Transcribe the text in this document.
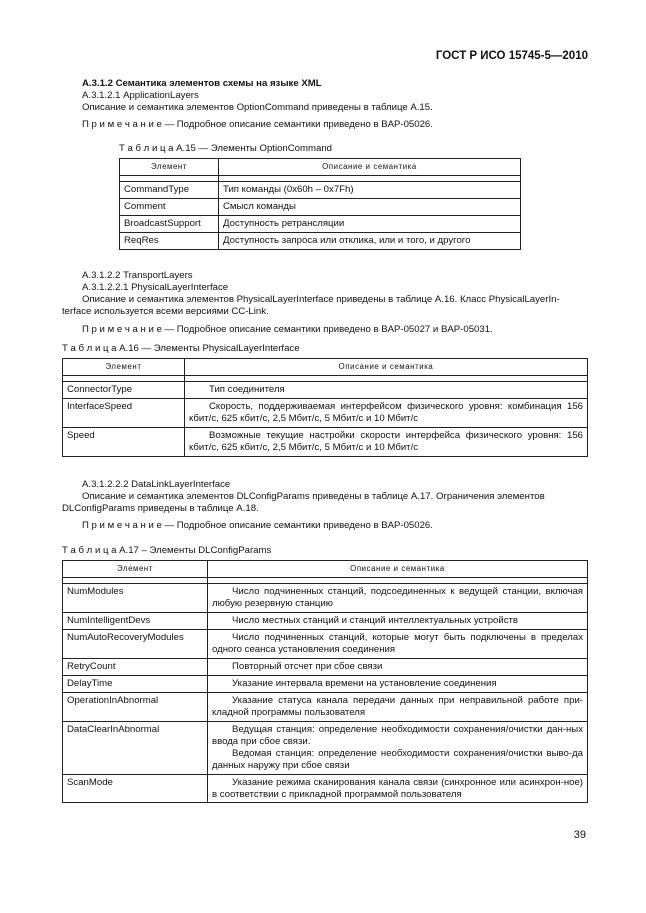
ГОСТ Р ИСО 15745-5—2010

А.3.1.2 Семантика элементов схемы на языке XML

А.3.1.2.1 ApplicationLayers

Описание и семантика элементов OptionCommand приведены в таблице А.15.

П р и м е ч а н и е — Подробное описание семантики приведено в BAP-05026.

Т а б л и ц а А.15 — Элементы OptionCommand

Элемент	Описание и семантика

CommandType	Тип команды (0x60h – 0x7Fh)
Comment	Смысл команды
BroadcastSupport	Доступность ретрансляции
ReqRes	Доступность запроса или отклика, или и того, и другого

А.3.1.2.2 TransportLayers

А.3.1.2.2.1 PhysicalLayerInterface

Описание и семантика элементов PhysicalLayerInterface приведены в таблице А.16. Класс PhysicalLayerIn-

terface используется всеми версиями CC-Link.

П р и м е ч а н и е — Подробное описание семантики приведено в BAP-05027 и BAP-05031.

Т а б л и ц а А.16 — Элементы PhysicalLayerInterface

Элемент	Описание и семантика

ConnectorType	Тип соединителя
InterfaceSpeed	Скорость, поддерживаемая интерфейсом физического уровня: комбинация 156 кбит/с, 625 кбит/с, 2,5 Мбит/с, 5 Мбит/с и 10 Мбит/с
Speed	Возможные текущие настройки скорости интерфейса физического уровня: 156 кбит/с, 625 кбит/с, 2,5 Мбит/с, 5 Мбит/с и 10 Мбит/с

А.3.1.2.2.2 DataLinkLayerInterface

Описание и семантика элементов DLConfigParams приведены в таблице А.17. Ограничения элементов

DLConfigParams приведены в таблице А.18.

П р и м е ч а н и е — Подробное описание семантики приведено в BAP-05026.

Т а б л и ц а А.17 – Элементы DLConfigParams

Элемент	Описание и семантика

NumModules	Число подчиненных станций, подсоединенных к ведущей станции, включая любую резервную станцию
NumIntelligentDevs	Число местных станций и станций интеллектуальных устройств
NumAutoRecoveryModules	Число подчиненных станций, которые могут быть подключены в пределах одного сеанса установления соединения
RetryCount	Повторный отсчет при сбое связи
DelayTime	Указание интервала времени на установление соединения
OperationInAbnormal	Указание статуса канала передачи данных при неправильной работе при-кладной программы пользователя
DataClearInAbnormal	Ведущая станция: определение необходимости сохранения/очистки дан-ных ввода при сбое связи.
Ведомая станция: определение необходимости сохранения/очистки выво-да данных наружу при сбое связи
ScanMode	Указание режима сканирования канала связи (синхронное или асинхрон-ное) в соответствии с прикладной программой пользователя
39
